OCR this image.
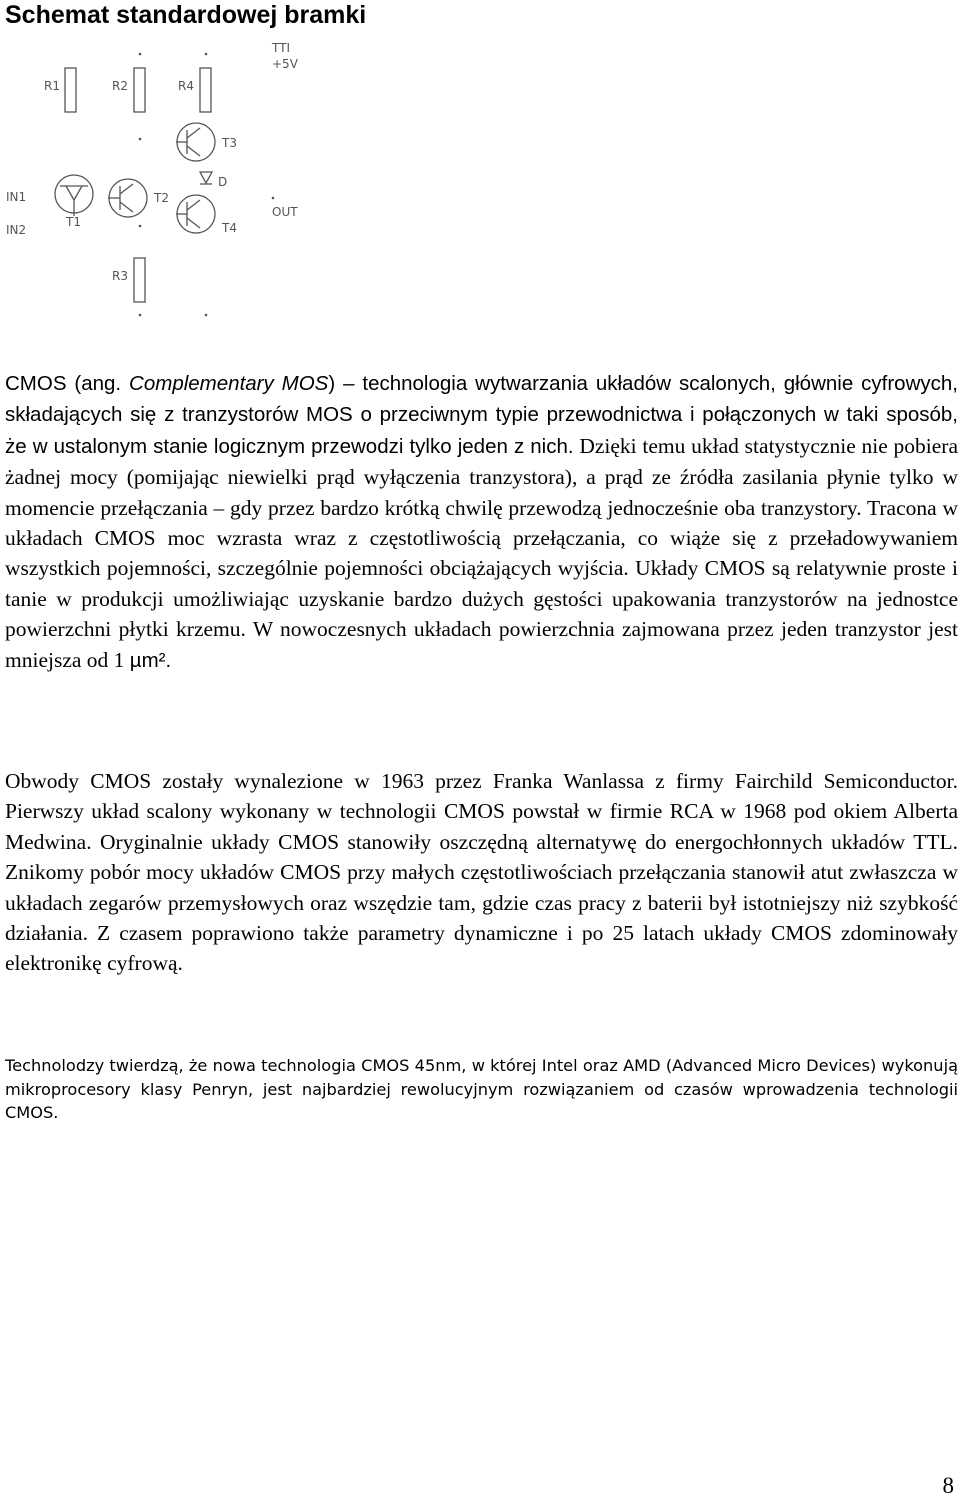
Schemat standardowej bramki
TTI
+5V
R1	R2	R4
T3
D
IN1
IN2
T1
T2
T4
OUT
R3

CMOS (ang. Complementary MOS) – technologia wytwarzania układów scalonych, głównie cyfrowych, składających się z tranzystorów MOS o przeciwnym typie przewodnictwa i połączonych w taki sposób, że w ustalonym stanie logicznym przewodzi tylko jeden z nich. Dzięki temu układ statystycznie nie pobiera żadnej mocy (pomijając niewielki prąd wyłączenia tranzystora), a prąd ze źródła zasilania płynie tylko w momencie przełączania – gdy przez bardzo krótką chwilę przewodzą jednocześnie oba tranzystory. Tracona w układach CMOS moc wzrasta wraz z częstotliwością przełączania, co wiąże się z przeładowywaniem wszystkich pojemności, szczególnie pojemności obciążających wyjścia. Układy CMOS są relatywnie proste i tanie w produkcji umożliwiając uzyskanie bardzo dużych gęstości upakowania tranzystorów na jednostce powierzchni płytki krzemu. W nowoczesnych układach powierzchnia zajmowana przez jeden tranzystor jest mniejsza od 1 µm².

Obwody CMOS zostały wynalezione w 1963 przez Franka Wanlassa z firmy Fairchild Semiconductor. Pierwszy układ scalony wykonany w technologii CMOS powstał w firmie RCA w 1968 pod okiem Alberta Medwina. Oryginalnie układy CMOS stanowiły oszczędną alternatywę do energochłonnych układów TTL. Znikomy pobór mocy układów CMOS przy małych częstotliwościach przełączania stanowił atut zwłaszcza w układach zegarów przemysłowych oraz wszędzie tam, gdzie czas pracy z baterii był istotniejszy niż szybkość działania. Z czasem poprawiono także parametry dynamiczne i po 25 latach układy CMOS zdominowały elektronikę cyfrową.

Technolodzy twierdzą, że nowa technologia CMOS 45nm, w której Intel oraz AMD (Advanced Micro Devices) wykonują mikroprocesory klasy Penryn, jest najbardziej rewolucyjnym rozwiązaniem od czasów wprowadzenia technologii CMOS.

8
